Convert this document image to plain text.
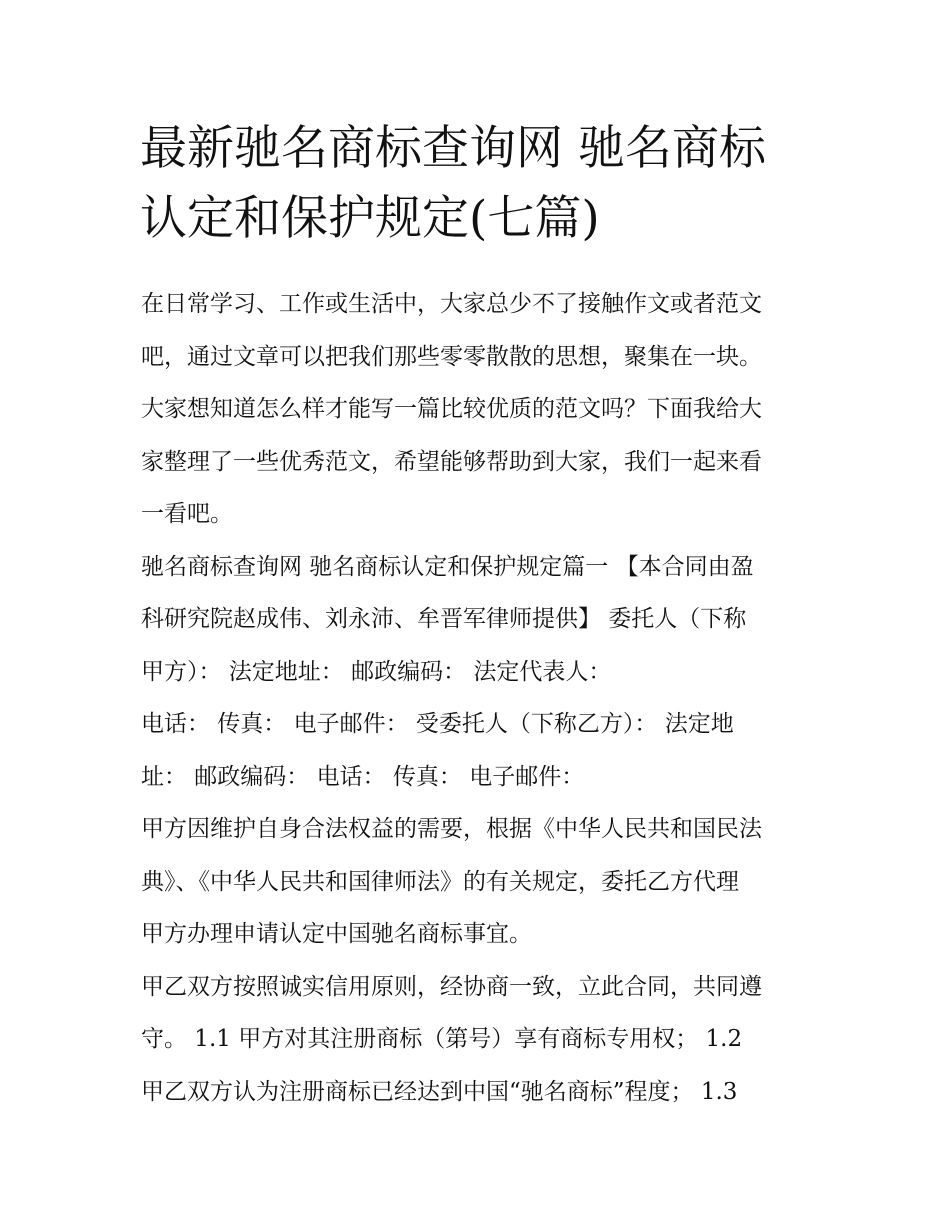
最新驰名商标查询网 驰名商标
认定和保护规定(七篇)

在日常学习、工作或生活中，大家总少不了接触作文或者范文
吧，通过文章可以把我们那些零零散散的思想，聚集在一块。
大家想知道怎么样才能写一篇比较优质的范文吗？下面我给大
家整理了一些优秀范文，希望能够帮助到大家，我们一起来看
一看吧。

驰名商标查询网 驰名商标认定和保护规定篇一 【本合同由盈
科研究院赵成伟、刘永沛、牟晋军律师提供】 委托人（下称
甲方）： 法定地址： 邮政编码： 法定代表人：

电话： 传真： 电子邮件： 受委托人（下称乙方）： 法定地
址： 邮政编码： 电话： 传真： 电子邮件：

甲方因维护自身合法权益的需要，根据《中华人民共和国民法
典》、《中华人民共和国律师法》的有关规定，委托乙方代理
甲方办理申请认定中国驰名商标事宜。

甲乙双方按照诚实信用原则，经协商一致，立此合同，共同遵
守。 1.1 甲方对其注册商标（第号）享有商标专用权； 1.2

甲乙双方认为注册商标已经达到中国“驰名商标”程度； 1.3
